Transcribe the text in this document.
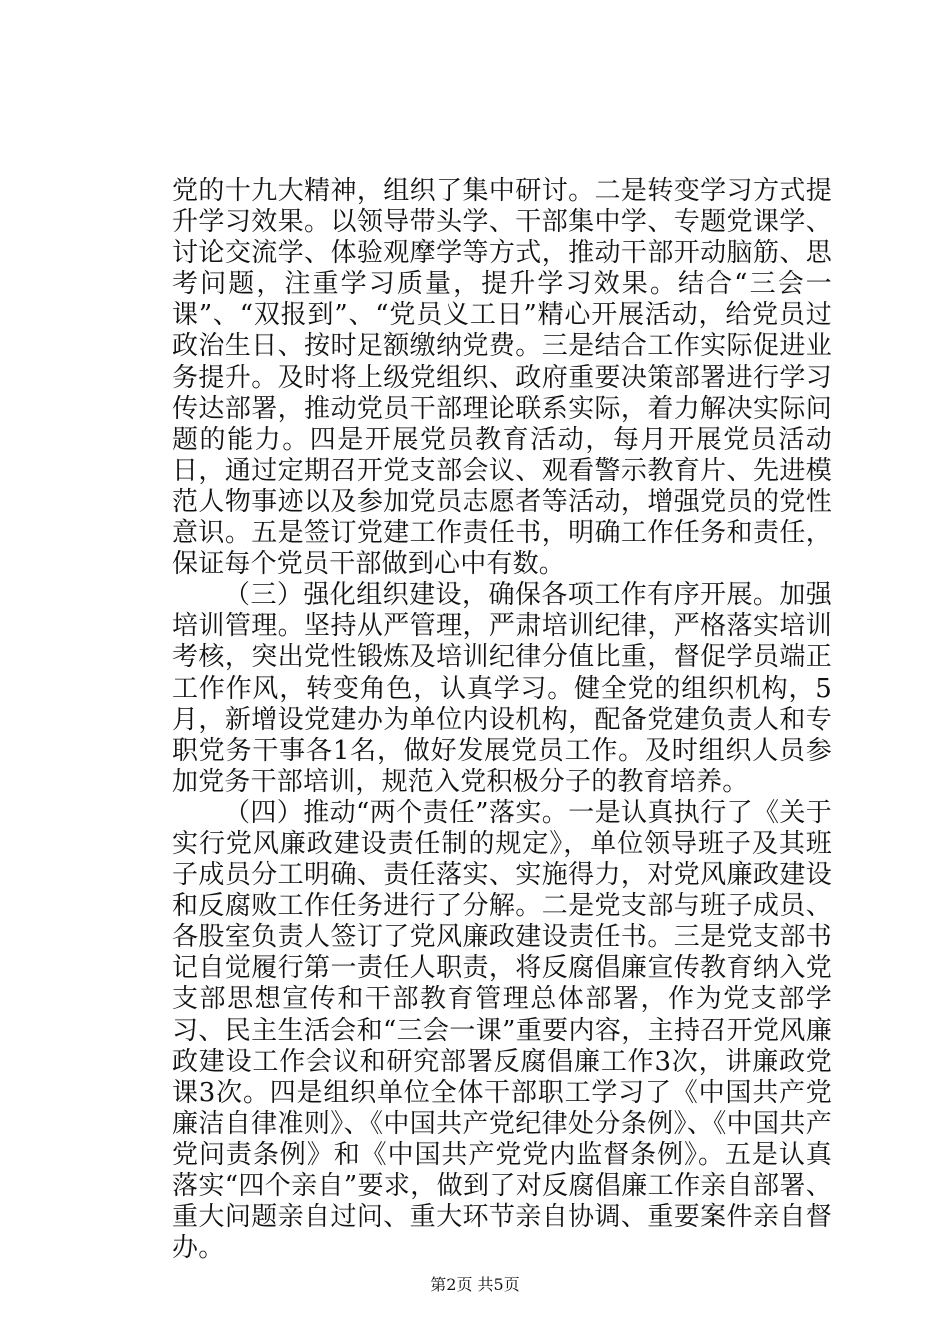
党的十九大精神，组织了集中研讨。二是转变学习方式提升学习效果。以领导带头学、干部集中学、专题党课学、讨论交流学、体验观摩学等方式，推动干部开动脑筋、思考问题，注重学习质量，提升学习效果。结合“三会一课”、“双报到”、“党员义工日”精心开展活动，给党员过政治生日、按时足额缴纳党费。三是结合工作实际促进业务提升。及时将上级党组织、政府重要决策部署进行学习传达部署，推动党员干部理论联系实际，着力解决实际问题的能力。四是开展党员教育活动，每月开展党员活动日，通过定期召开党支部会议、观看警示教育片、先进模范人物事迹以及参加党员志愿者等活动，增强党员的党性意识。五是签订党建工作责任书，明确工作任务和责任，保证每个党员干部做到心中有数。

（三）强化组织建设，确保各项工作有序开展。加强培训管理。坚持从严管理，严肃培训纪律，严格落实培训考核，突出党性锻炼及培训纪律分值比重，督促学员端正工作作风，转变角色，认真学习。健全党的组织机构，5月，新增设党建办为单位内设机构，配备党建负责人和专职党务干事各1名，做好发展党员工作。及时组织人员参加党务干部培训，规范入党积极分子的教育培养。

（四）推动“两个责任”落实。一是认真执行了《关于实行党风廉政建设责任制的规定》，单位领导班子及其班子成员分工明确、责任落实、实施得力，对党风廉政建设和反腐败工作任务进行了分解。二是党支部与班子成员、各股室负责人签订了党风廉政建设责任书。三是党支部书记自觉履行第一责任人职责，将反腐倡廉宣传教育纳入党支部思想宣传和干部教育管理总体部署，作为党支部学习、民主生活会和“三会一课”重要内容，主持召开党风廉政建设工作会议和研究部署反腐倡廉工作3次，讲廉政党课3次。四是组织单位全体干部职工学习了《中国共产党廉洁自律准则》、《中国共产党纪律处分条例》、《中国共产党问责条例》和《中国共产党党内监督条例》。五是认真落实“四个亲自”要求，做到了对反腐倡廉工作亲自部署、重大问题亲自过问、重大环节亲自协调、重要案件亲自督办。

第2页 共5页
